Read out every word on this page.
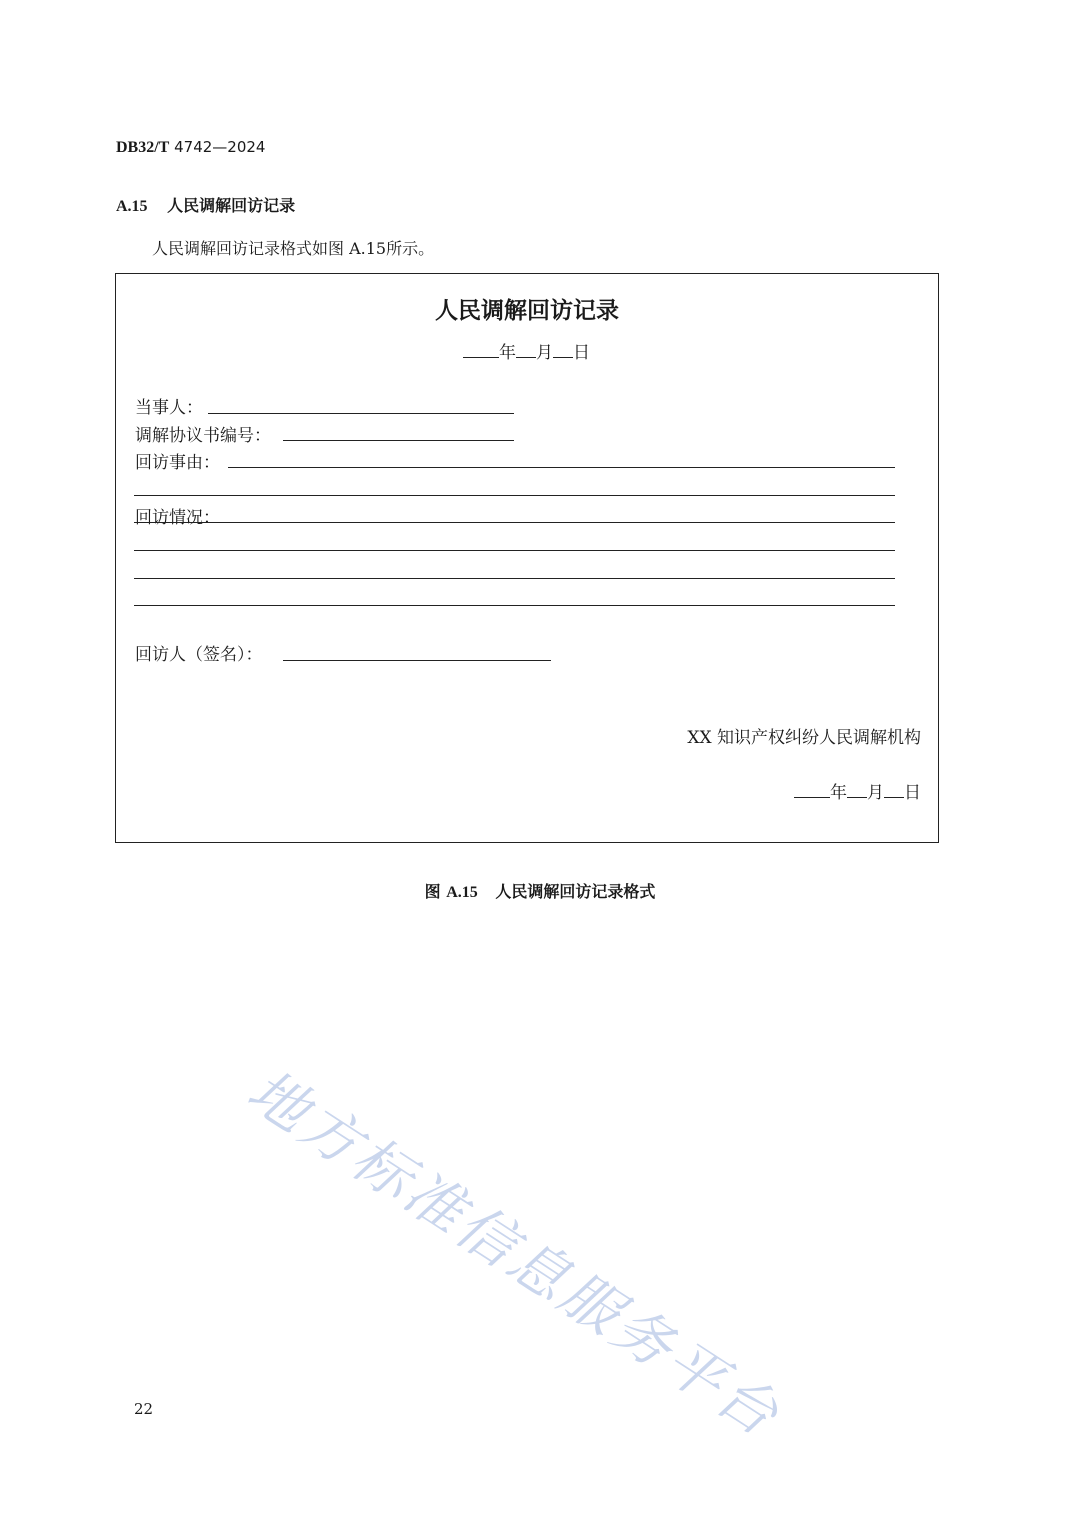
DB32/T 4742—2024
A.15 人民调解回访记录
人民调解回访记录格式如图 A.15所示。
人民调解回访记录
年 月 日
当事人：
调解协议书编号：
回访事由：
回访情况：
回访人（签名）：
XX 知识产权纠纷人民调解机构
年 月 日
图 A.15 人民调解回访记录格式
地方标准信息服务平台
22
